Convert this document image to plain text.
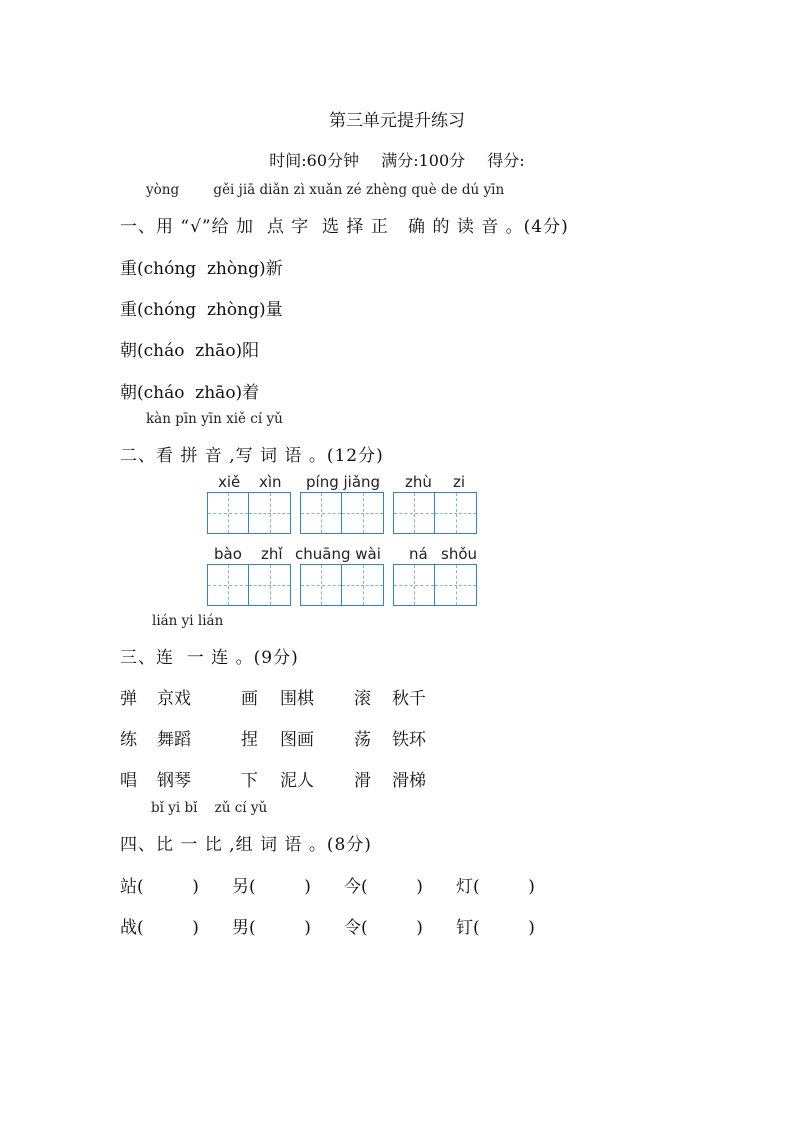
第三单元提升练习
时间:60分钟  满分:100分  得分:
yòng        gěi jiā diǎn zì xuǎn zé zhèng què de dú yīn
一、用 “√”给 加  点 字  选 择 正   确 的 读 音 。(4分)
重(chóng  zhòng)新
重(chóng  zhòng)量
朝(cháo  zhāo)阳
朝(cháo  zhāo)着
kàn pīn yīn xiě cí yǔ
二、看 拼 音 ,写 词 语 。(12分)
xiě xìn píng jiǎng zhù zi
bào zhǐ chuāng wài ná shǒu
lián yi lián
三、连  一 连 。(9分)
弹 京戏	画 围棋 滚 秋千
练 舞蹈	捏 图画 荡 铁环
唱 钢琴	下 泥人 滑 滑梯
bǐ yi bǐ    zǔ cí yǔ
四、比 一 比 ,组 词 语 。(8分)
站(         ) 另(         ) 今(         ) 灯(         )
战(         ) 男(         ) 令(         ) 钉(         )
